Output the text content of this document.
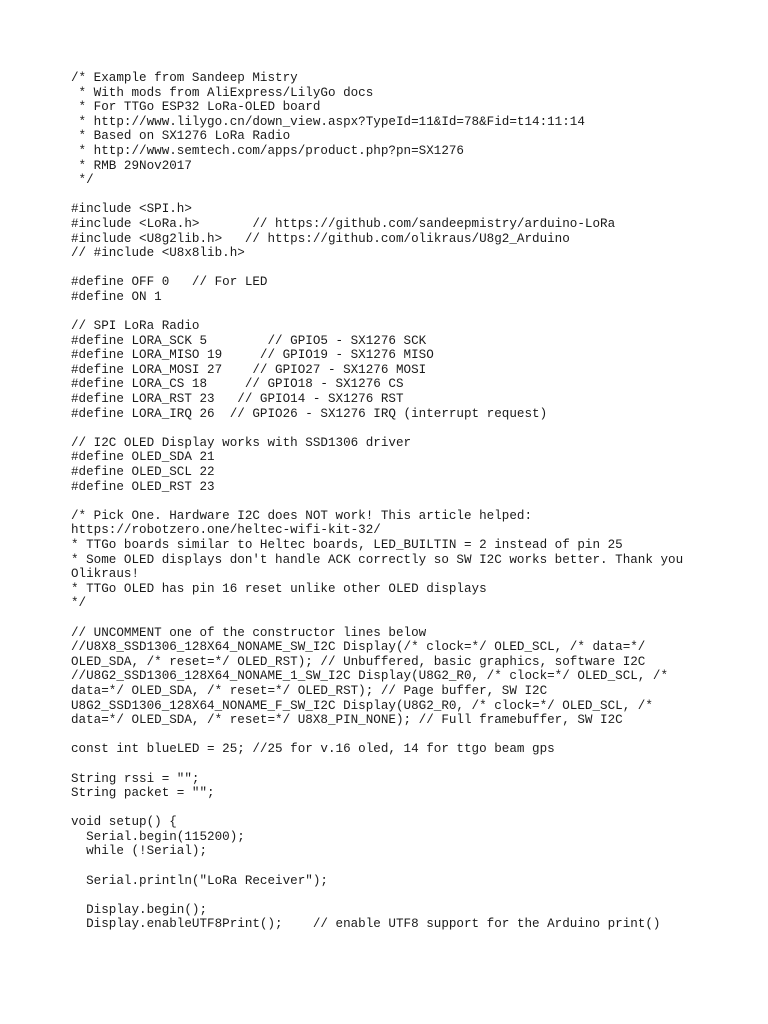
/* Example from Sandeep Mistry
* With mods from AliExpress/LilyGo docs
* For TTGo ESP32 LoRa-OLED board
* http://www.lilygo.cn/down_view.aspx?TypeId=11&Id=78&Fid=t14:11:14
* Based on SX1276 LoRa Radio
* http://www.semtech.com/apps/product.php?pn=SX1276
* RMB 29Nov2017
*/
#include <SPI.h>
#include <LoRa.h>       // https://github.com/sandeepmistry/arduino-LoRa
#include <U8g2lib.h>   // https://github.com/olikraus/U8g2_Arduino
// #include <U8x8lib.h>
#define OFF 0   // For LED
#define ON 1
// SPI LoRa Radio
#define LORA_SCK 5        // GPIO5 - SX1276 SCK
#define LORA_MISO 19     // GPIO19 - SX1276 MISO
#define LORA_MOSI 27    // GPIO27 - SX1276 MOSI
#define LORA_CS 18     // GPIO18 - SX1276 CS
#define LORA_RST 23   // GPIO14 - SX1276 RST
#define LORA_IRQ 26  // GPIO26 - SX1276 IRQ (interrupt request)
// I2C OLED Display works with SSD1306 driver
#define OLED_SDA 21
#define OLED_SCL 22
#define OLED_RST 23
/* Pick One. Hardware I2C does NOT work! This article helped:
https://robotzero.one/heltec-wifi-kit-32/
* TTGo boards similar to Heltec boards, LED_BUILTIN = 2 instead of pin 25
* Some OLED displays don't handle ACK correctly so SW I2C works better. Thank you
Olikraus!
* TTGo OLED has pin 16 reset unlike other OLED displays
*/
// UNCOMMENT one of the constructor lines below
//U8X8_SSD1306_128X64_NONAME_SW_I2C Display(/* clock=*/ OLED_SCL, /* data=*/
OLED_SDA, /* reset=*/ OLED_RST); // Unbuffered, basic graphics, software I2C
//U8G2_SSD1306_128X64_NONAME_1_SW_I2C Display(U8G2_R0, /* clock=*/ OLED_SCL, /*
data=*/ OLED_SDA, /* reset=*/ OLED_RST); // Page buffer, SW I2C
U8G2_SSD1306_128X64_NONAME_F_SW_I2C Display(U8G2_R0, /* clock=*/ OLED_SCL, /*
data=*/ OLED_SDA, /* reset=*/ U8X8_PIN_NONE); // Full framebuffer, SW I2C
const int blueLED = 25; //25 for v.16 oled, 14 for ttgo beam gps
String rssi = "";
String packet = "";
void setup() {
Serial.begin(115200);
while (!Serial);
Serial.println("LoRa Receiver");
Display.begin();
Display.enableUTF8Print();    // enable UTF8 support for the Arduino print()
